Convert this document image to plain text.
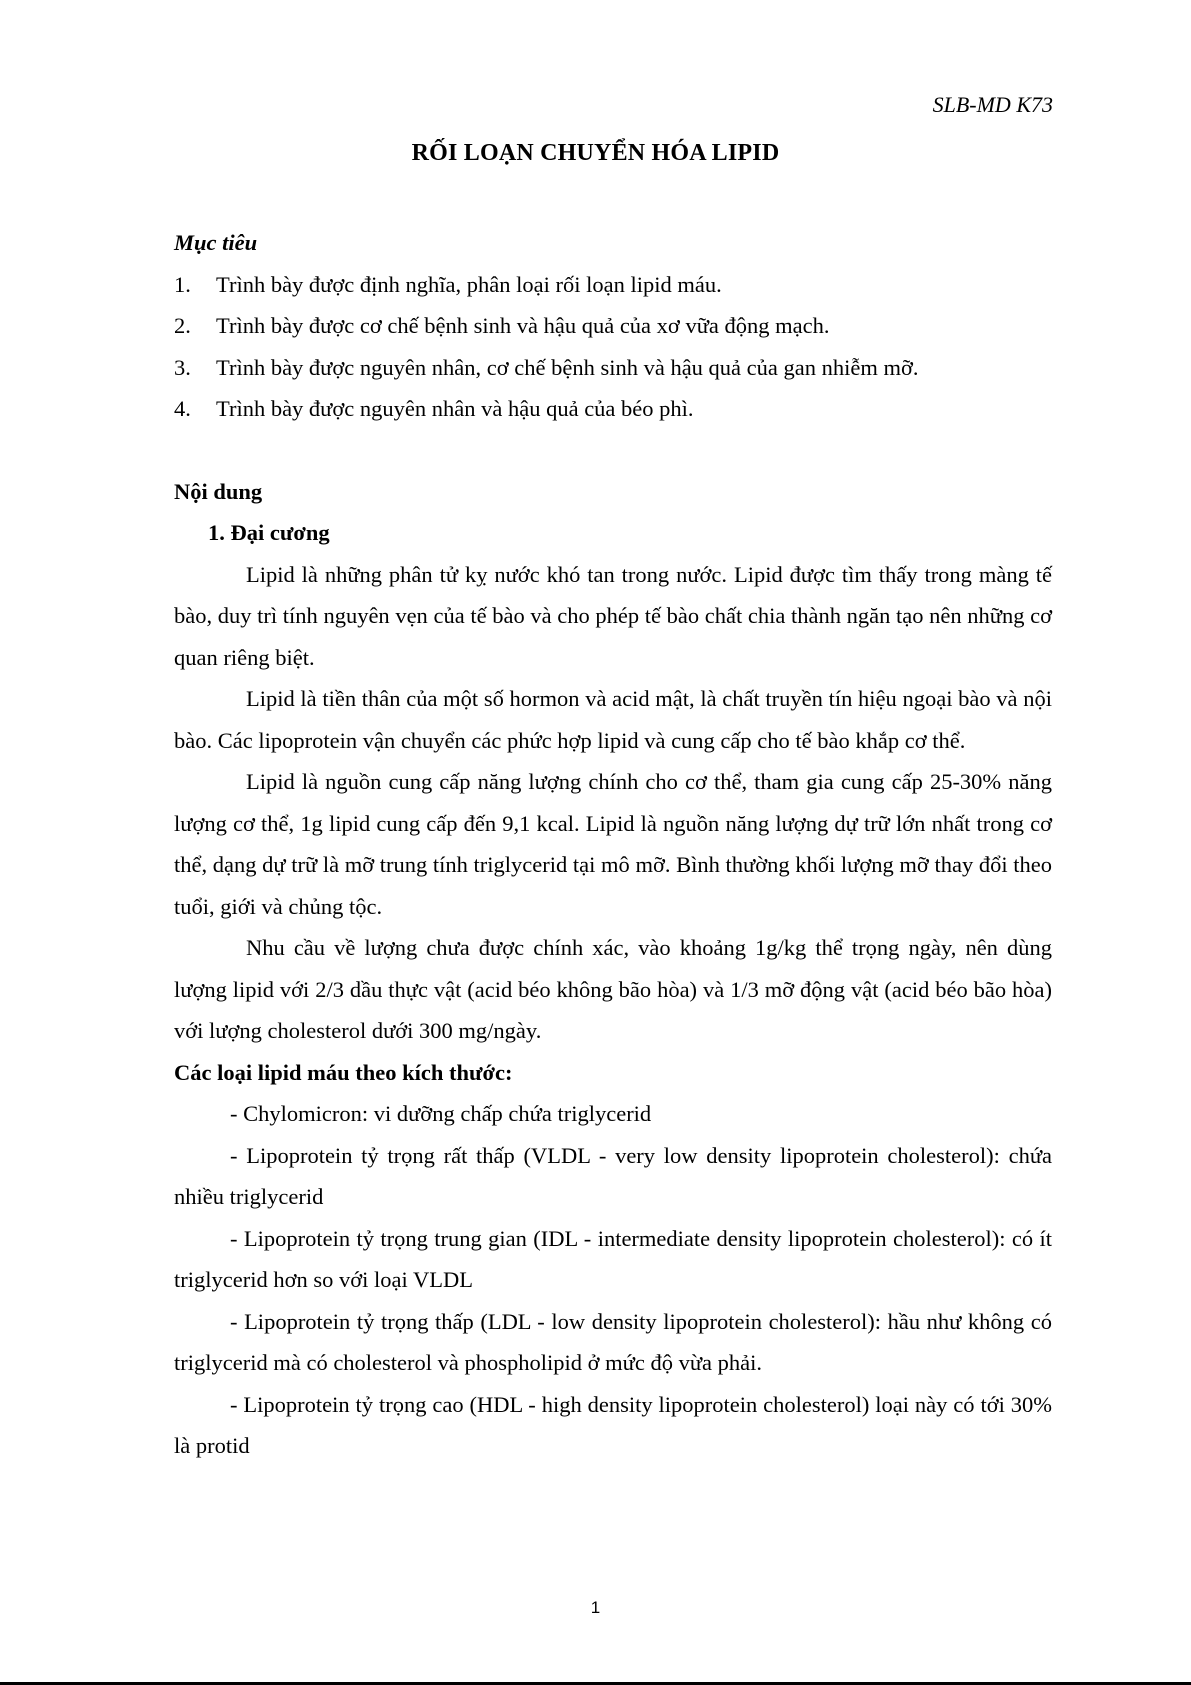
SLB-MD K73
RỐI LOẠN CHUYỂN HÓA LIPID

Mục tiêu

1.	Trình bày được định nghĩa, phân loại rối loạn lipid máu.
2.	Trình bày được cơ chế bệnh sinh và hậu quả của xơ vữa động mạch.
3.	Trình bày được nguyên nhân, cơ chế bệnh sinh và hậu quả của gan nhiễm mỡ.
4.	Trình bày được nguyên nhân và hậu quả của béo phì.

Nội dung

1. Đại cương

Lipid là những phân tử kỵ nước khó tan trong nước. Lipid được tìm thấy trong màng tế bào, duy trì tính nguyên vẹn của tế bào và cho phép tế bào chất chia thành ngăn tạo nên những cơ quan riêng biệt.

Lipid là tiền thân của một số hormon và acid mật, là chất truyền tín hiệu ngoại bào và nội bào. Các lipoprotein vận chuyển các phức hợp lipid và cung cấp cho tế bào khắp cơ thể.

Lipid là nguồn cung cấp năng lượng chính cho cơ thể, tham gia cung cấp 25-30% năng lượng cơ thể, 1g lipid cung cấp đến 9,1 kcal. Lipid là nguồn năng lượng dự trữ lớn nhất trong cơ thể, dạng dự trữ là mỡ trung tính triglycerid tại mô mỡ. Bình thường khối lượng mỡ thay đổi theo tuổi, giới và chủng tộc.

Nhu cầu về lượng chưa được chính xác, vào khoảng 1g/kg thể trọng ngày, nên dùng lượng lipid với 2/3 dầu thực vật (acid béo không bão hòa) và 1/3 mỡ động vật (acid béo bão hòa) với lượng cholesterol dưới 300 mg/ngày.

Các loại lipid máu theo kích thước:

- Chylomicron: vi dưỡng chấp chứa triglycerid

- Lipoprotein tỷ trọng rất thấp (VLDL - very low density lipoprotein cholesterol): chứa nhiều triglycerid

- Lipoprotein tỷ trọng trung gian (IDL - intermediate density lipoprotein cholesterol): có ít triglycerid hơn so với loại VLDL

- Lipoprotein tỷ trọng thấp (LDL - low density lipoprotein cholesterol): hầu như không có triglycerid mà có cholesterol và phospholipid ở mức độ vừa phải.

- Lipoprotein tỷ trọng cao (HDL - high density lipoprotein cholesterol) loại này có tới 30% là protid

1
